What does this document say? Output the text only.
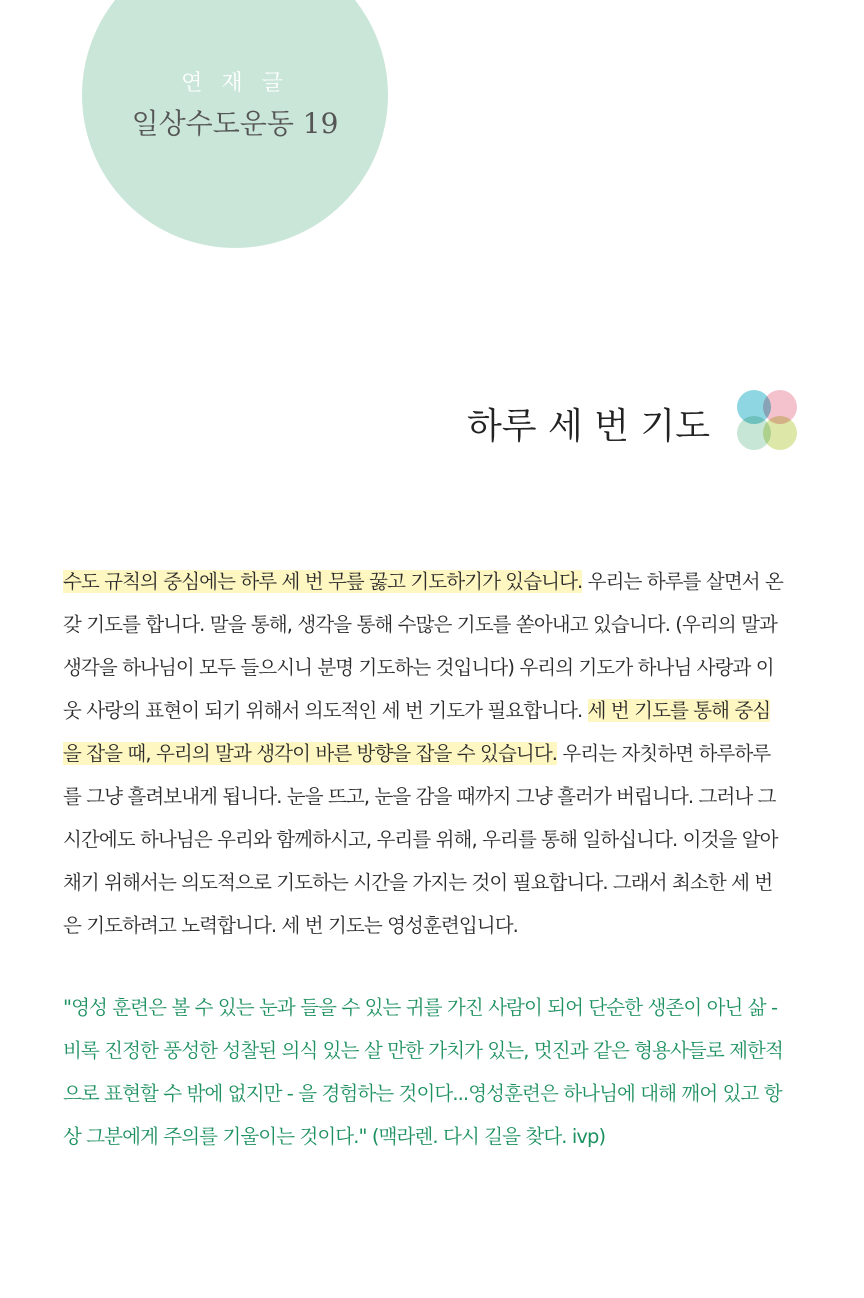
연 재 글
일상수도운동 19
하루 세 번 기도
수도 규칙의 중심에는 하루 세 번 무릎 꿇고 기도하기가 있습니다. 우리는 하루를 살면서 온
갖 기도를 합니다. 말을 통해, 생각을 통해 수많은 기도를 쏟아내고 있습니다. (우리의 말과
생각을 하나님이 모두 들으시니 분명 기도하는 것입니다) 우리의 기도가 하나님 사랑과 이
웃 사랑의 표현이 되기 위해서 의도적인 세 번 기도가 필요합니다. 세 번 기도를 통해 중심
을 잡을 때, 우리의 말과 생각이 바른 방향을 잡을 수 있습니다. 우리는 자칫하면 하루하루
를 그냥 흘려보내게 됩니다. 눈을 뜨고, 눈을 감을 때까지 그냥 흘러가 버립니다. 그러나 그
시간에도 하나님은 우리와 함께하시고, 우리를 위해, 우리를 통해 일하십니다. 이것을 알아
채기 위해서는 의도적으로 기도하는 시간을 가지는 것이 필요합니다. 그래서 최소한 세 번
은 기도하려고 노력합니다. 세 번 기도는 영성훈련입니다.
"영성 훈련은 볼 수 있는 눈과 들을 수 있는 귀를 가진 사람이 되어 단순한 생존이 아닌 삶 -
비록 진정한 풍성한 성찰된 의식 있는 살 만한 가치가 있는, 멋진과 같은 형용사들로 제한적
으로 표현할 수 밖에 없지만 - 을 경험하는 것이다...영성훈련은 하나님에 대해 깨어 있고 항
상 그분에게 주의를 기울이는 것이다." (맥라렌. 다시 길을 찾다. ivp)
